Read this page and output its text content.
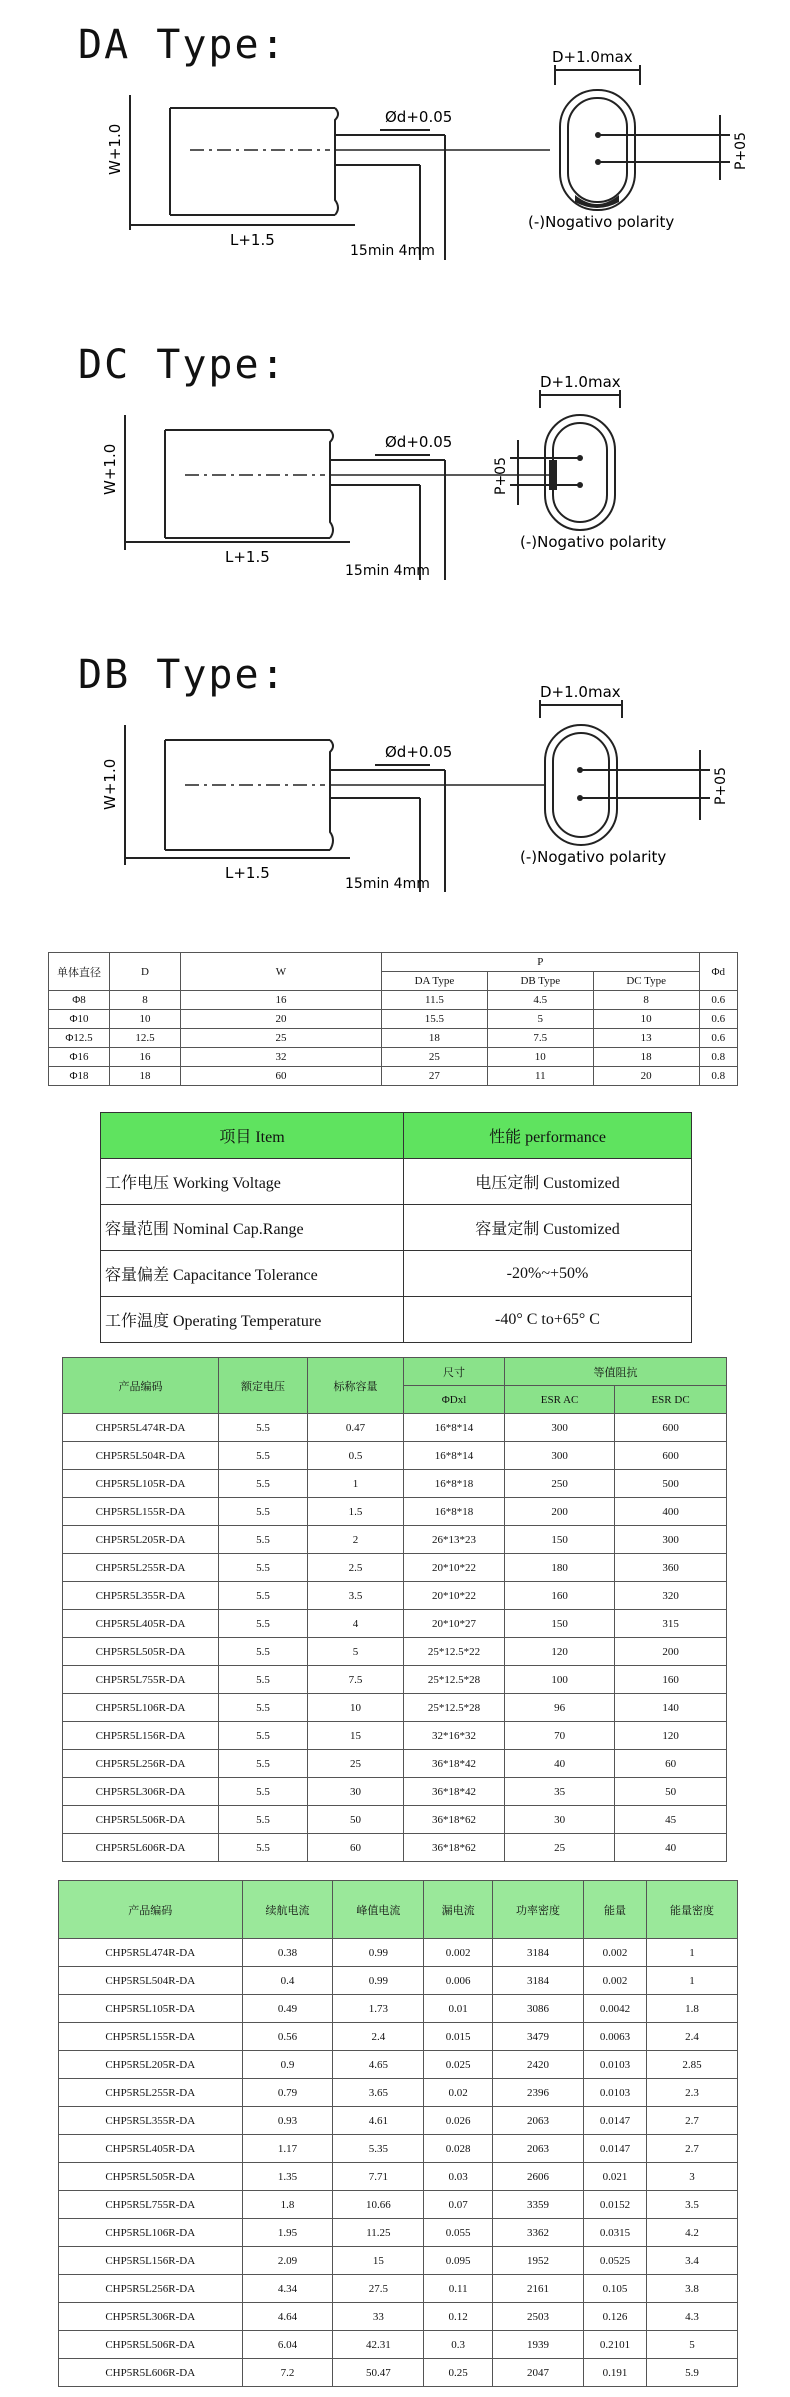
DA Type:	D+1.0max
W+1.0
L+1.5
15min 4mm
Ød+0.05
P+05
(-)Nogativo polarity
DC Type:	D+1.0max
W+1.0
L+1.5
15min 4mm
Ød+0.05
P+05
(-)Nogativo polarity
DB Type:	D+1.0max
W+1.0
L+1.5
15min 4mm
Ød+0.05
P+05
(-)Nogativo polarity
单体直径	D	W	P			Φd
			DA Type	DB Type	DC Type	
Φ8	8	16	11.5	4.5	8	0.6
Φ10	10	20	15.5	5	10	0.6
Φ12.5	12.5	25	18	7.5	13	0.6
Φ16	16	32	25	10	18	0.8
Φ18	18	60	27	11	20	0.8
项目 Item	性能 performance
工作电压 Working Voltage	电压定制 Customized
容量范围 Nominal Cap.Range	容量定制 Customized
容量偏差 Capacitance Tolerance	-20%~+50%
工作温度 Operating Temperature	-40° C to+65° C
产品编码	额定电压	标称容量	尺寸	等值阻抗	
			ΦDxl	ESR AC	ESR DC
CHP5R5L474R-DA	5.5	0.47	16*8*14	300	600
CHP5R5L504R-DA	5.5	0.5	16*8*14	300	600
CHP5R5L105R-DA	5.5	1	16*8*18	250	500
CHP5R5L155R-DA	5.5	1.5	16*8*18	200	400
CHP5R5L205R-DA	5.5	2	26*13*23	150	300
CHP5R5L255R-DA	5.5	2.5	20*10*22	180	360
CHP5R5L355R-DA	5.5	3.5	20*10*22	160	320
CHP5R5L405R-DA	5.5	4	20*10*27	150	315
CHP5R5L505R-DA	5.5	5	25*12.5*22	120	200
CHP5R5L755R-DA	5.5	7.5	25*12.5*28	100	160
CHP5R5L106R-DA	5.5	10	25*12.5*28	96	140
CHP5R5L156R-DA	5.5	15	32*16*32	70	120
CHP5R5L256R-DA	5.5	25	36*18*42	40	60
CHP5R5L306R-DA	5.5	30	36*18*42	35	50
CHP5R5L506R-DA	5.5	50	36*18*62	30	45
CHP5R5L606R-DA	5.5	60	36*18*62	25	40
产品编码	续航电流	峰值电流	漏电流	功率密度	能量	能量密度
CHP5R5L474R-DA	0.38	0.99	0.002	3184	0.002	1
CHP5R5L504R-DA	0.4	0.99	0.006	3184	0.002	1
CHP5R5L105R-DA	0.49	1.73	0.01	3086	0.0042	1.8
CHP5R5L155R-DA	0.56	2.4	0.015	3479	0.0063	2.4
CHP5R5L205R-DA	0.9	4.65	0.025	2420	0.0103	2.85
CHP5R5L255R-DA	0.79	3.65	0.02	2396	0.0103	2.3
CHP5R5L355R-DA	0.93	4.61	0.026	2063	0.0147	2.7
CHP5R5L405R-DA	1.17	5.35	0.028	2063	0.0147	2.7
CHP5R5L505R-DA	1.35	7.71	0.03	2606	0.021	3
CHP5R5L755R-DA	1.8	10.66	0.07	3359	0.0152	3.5
CHP5R5L106R-DA	1.95	11.25	0.055	3362	0.0315	4.2
CHP5R5L156R-DA	2.09	15	0.095	1952	0.0525	3.4
CHP5R5L256R-DA	4.34	27.5	0.11	2161	0.105	3.8
CHP5R5L306R-DA	4.64	33	0.12	2503	0.126	4.3
CHP5R5L506R-DA	6.04	42.31	0.3	1939	0.2101	5
CHP5R5L606R-DA	7.2	50.47	0.25	2047	0.191	5.9
